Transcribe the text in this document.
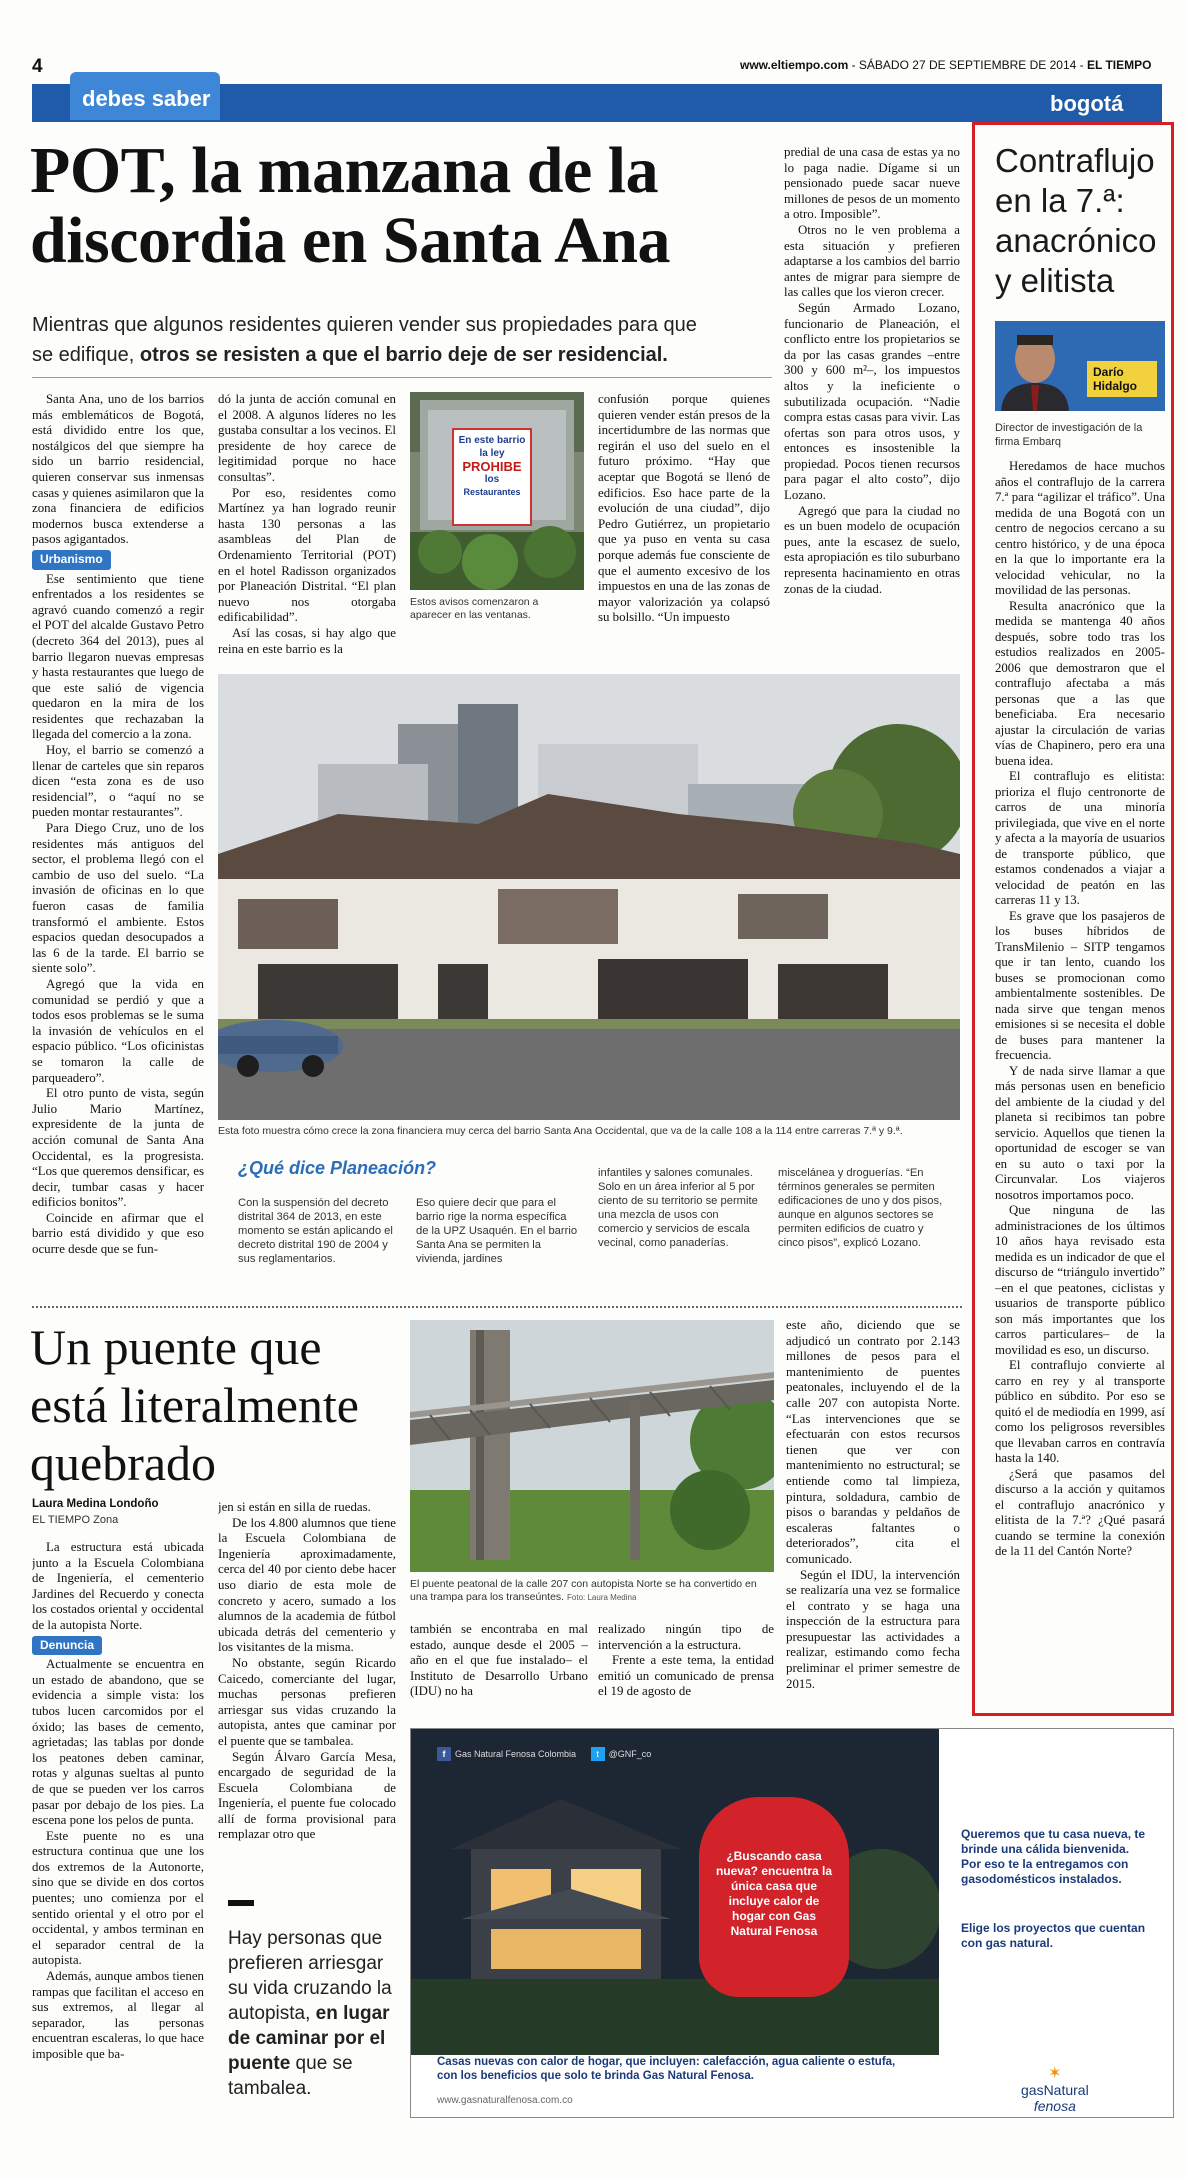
4	www.eltiempo.com - SÁBADO 27 DE SEPTIEMBRE DE 2014 - EL TIEMPO
debes saber	bogotá
POT, la manzana de la discordia en Santa Ana
Mientras que algunos residentes quieren vender sus propiedades para que
se edifique, otros se resisten a que el barrio deje de ser residencial.

Santa Ana, uno de los barrios más emblemáticos de Bogotá, está dividido entre los que, nostálgicos del que siempre ha sido un barrio residencial, quieren conservar sus inmensas casas y quienes asimilaron que la zona financiera de edificios modernos busca extenderse a pasos agigantados.

Urbanismo

Ese sentimiento que tiene enfrentados a los residentes se agravó cuando comenzó a regir el POT del alcalde Gustavo Petro (decreto 364 del 2013), pues al barrio llegaron nuevas empresas y hasta restaurantes que luego de que este salió de vigencia quedaron en la mira de los residentes que rechazaban la llegada del comercio a la zona.

Hoy, el barrio se comenzó a llenar de carteles que sin reparos dicen “esta zona es de uso residencial”, o “aquí no se pueden montar restaurantes”.

Para Diego Cruz, uno de los residentes más antiguos del sector, el problema llegó con el cambio de uso del suelo. “La invasión de oficinas en lo que fueron casas de familia transformó el ambiente. Estos espacios quedan desocupados a las 6 de la tarde. El barrio se siente solo”.

Agregó que la vida en comunidad se perdió y que a todos esos problemas se le suma la invasión de vehículos en el espacio público. “Los oficinistas se tomaron la calle de parqueadero”.

El otro punto de vista, según Julio Mario Martínez, expresidente de la junta de acción comunal de Santa Ana Occidental, es la progresista. “Los que queremos densificar, es decir, tumbar casas y hacer edificios bonitos”.

Coincide en afirmar que el barrio está dividido y que eso ocurre desde que se fun-

dó la junta de acción comunal en el 2008. A algunos líderes no les gustaba consultar a los vecinos. El presidente de hoy carece de legitimidad porque no hace consultas”.

Por eso, residentes como Martínez ya han logrado reunir hasta 130 personas a las asambleas del Plan de Ordenamiento Territorial (POT) en el hotel Radisson organizados por Planeación Distrital. “El plan nuevo nos otorgaba edificabilidad”.

Así las cosas, si hay algo que reina en este barrio es la

En este barrio
la ley
PROHIBE
los
Restaurantes
Estos avisos comenzaron a aparecer en las ventanas.

confusión porque quienes quieren vender están presos de la incertidumbre de las normas que regirán el uso del suelo en el futuro próximo. “Hay que aceptar que Bogotá se llenó de edificios. Eso hace parte de la evolución de una ciudad”, dijo Pedro Gutiérrez, un propietario que ya puso en venta su casa porque además fue consciente de que el aumento excesivo de los impuestos en una de las zonas de mayor valorización ya colapsó su bolsillo. “Un impuesto

predial de una casa de estas ya no lo paga nadie. Dígame si un pensionado puede sacar nueve millones de pesos de un momento a otro. Imposible”.

Otros no le ven problema a esta situación y prefieren adaptarse a los cambios del barrio antes de migrar para siempre de las calles que los vieron crecer.

Según Armado Lozano, funcionario de Planeación, el conflicto entre los propietarios se da por las casas grandes –entre 300 y 600 m²–, los impuestos altos y la ineficiente o subutilizada ocupación. “Nadie compra estas casas para vivir. Las ofertas son para otros usos, y entonces es insostenible la propiedad. Pocos tienen recursos para pagar el alto costo”, dijo Lozano.

Agregó que para la ciudad no es un buen modelo de ocupación pues, ante la escasez de suelo, esta apropiación es tilo suburbano representa hacinamiento en otras zonas de la ciudad.

Esta foto muestra cómo crece la zona financiera muy cerca del barrio Santa Ana Occidental, que va de la calle 108 a la 114 entre carreras 7.ª y 9.ª.
¿Qué dice Planeación?
Con la suspensión del decreto distrital 364 de 2013, en este momento se están aplicando el decreto distrital 190 de 2004 y sus reglamentarios.
Eso quiere decir que para el barrio rige la norma específica de la UPZ Usaquén. En el barrio Santa Ana se permiten la vivienda, jardines
infantiles y salones comunales. Solo en un área inferior al 5 por ciento de su territorio se permite una mezcla de usos con comercio y servicios de escala vecinal, como panaderías.
miscelánea y droguerías. “En términos generales se permiten edificaciones de uno y dos pisos, aunque en algunos sectores se permiten edificios de cuatro y cinco pisos”, explicó Lozano.
Un puente que está literalmente quebrado
Laura Medina Londoño
EL TIEMPO Zona

La estructura está ubicada junto a la Escuela Colombiana de Ingeniería, el cementerio Jardines del Recuerdo y conecta los costados oriental y occidental de la autopista Norte.

Denuncia

Actualmente se encuentra en un estado de abandono, que se evidencia a simple vista: los tubos lucen carcomidos por el óxido; las bases de cemento, agrietadas; las tablas por donde los peatones deben caminar, rotas y algunas sueltas al punto de que se pueden ver los carros pasar por debajo de los pies. La escena pone los pelos de punta.

Este puente no es una estructura continua que une los dos extremos de la Autonorte, sino que se divide en dos cortos puentes; uno comienza por el sentido oriental y el otro por el occidental, y ambos terminan en el separador central de la autopista.

Además, aunque ambos tienen rampas que facilitan el acceso en sus extremos, al llegar al separador, las personas encuentran escaleras, lo que hace imposible que ba-

jen si están en silla de ruedas.

De los 4.800 alumnos que tiene la Escuela Colombiana de Ingeniería aproximadamente, cerca del 40 por ciento debe hacer uso diario de esta mole de concreto y acero, sumado a los alumnos de la academia de fútbol ubicada detrás del cementerio y los visitantes de la misma.

No obstante, según Ricardo Caicedo, comerciante del lugar, muchas personas prefieren arriesgar sus vidas cruzando la autopista, antes que caminar por el puente que se tambalea.

Según Álvaro García Mesa, encargado de seguridad de la Escuela Colombiana de Ingeniería, el puente fue colocado allí de forma provisional para remplazar otro que

Hay personas que prefieren arriesgar su vida cruzando la autopista, en lugar de caminar por el puente que se tambalea.
El puente peatonal de la calle 207 con autopista Norte se ha convertido en una trampa para los transeúntes. Foto: Laura Medina

también se encontraba en mal estado, aunque desde el 2005 –año en el que fue instalado– el Instituto de Desarrollo Urbano (IDU) no ha

realizado ningún tipo de intervención a la estructura.

Frente a este tema, la entidad emitió un comunicado de prensa el 19 de agosto de

este año, diciendo que se adjudicó un contrato por 2.143 millones de pesos para el mantenimiento de puentes peatonales, incluyendo el de la calle 207 con autopista Norte. “Las intervenciones que se efectuarán con estos recursos tienen que ver con mantenimiento no estructural; se entiende como tal limpieza, pintura, soldadura, cambio de pisos o barandas y peldaños de escaleras faltantes o deteriorados”, cita el comunicado.

Según el IDU, la intervención se realizaría una vez se formalice el contrato y se haga una inspección de la estructura para presupuestar las actividades a realizar, estimando como fecha preliminar el primer semestre de 2015.

Contraflujo en la 7.ª: anacrónico y elitista
Darío Hidalgo
Director de investigación de la firma Embarq

Heredamos de hace muchos años el contraflujo de la carrera 7.ª para “agilizar el tráfico”. Una medida de una Bogotá con un centro de negocios cercano a su centro histórico, y de una época en la que lo importante era la velocidad vehicular, no la movilidad de las personas.

Resulta anacrónico que la medida se mantenga 40 años después, sobre todo tras los estudios realizados en 2005-2006 que demostraron que el contraflujo afectaba a más personas que a las que beneficiaba. Era necesario ajustar la circulación de varias vías de Chapinero, pero era una buena idea.

El contraflujo es elitista: prioriza el flujo centronorte de carros de una minoría privilegiada, que vive en el norte y afecta a la mayoría de usuarios de transporte público, que estamos condenados a viajar a velocidad de peatón en las carreras 11 y 13.

Es grave que los pasajeros de los buses híbridos de TransMilenio – SITP tengamos que ir tan lento, cuando los buses se promocionan como ambientalmente sostenibles. De nada sirve que tengan menos emisiones si se necesita el doble de buses para mantener la frecuencia.

Y de nada sirve llamar a que más personas usen en beneficio del ambiente de la ciudad y del planeta si recibimos tan pobre servicio. Aquellos que tienen la oportunidad de escoger se van en su auto o taxi por la Circunvalar. Los viajeros nosotros importamos poco.

Que ninguna de las administraciones de los últimos 10 años haya revisado esta medida es un indicador de que el discurso de “triángulo invertido” –en el que peatones, ciclistas y usuarios de transporte público son más importantes que los carros particulares– de la movilidad es eso, un discurso.

El contraflujo convierte al carro en rey y al transporte público en súbdito. Por eso se quitó el de mediodía en 1999, así como los peligrosos reversibles que llevaban carros en contravía hasta la 140.

¿Será que pasamos del discurso a la acción y quitamos el contraflujo anacrónico y elitista de la 7.ª? ¿Qué pasará cuando se termine la conexión de la 11 del Cantón Norte?

f Gas Natural Fenosa Colombia t @GNF_co
¿Buscando casa nueva? encuentra la única casa que incluye calor de hogar con Gas Natural Fenosa
Queremos que tu casa nueva, te brinde una cálida bienvenida. Por eso te la entregamos con gasodomésticos instalados.
Elige los proyectos que cuentan con gas natural.
Casas nuevas con calor de hogar, que incluyen: calefacción, agua caliente o estufa, con los beneficios que solo te brinda Gas Natural Fenosa.
www.gasnaturalfenosa.com.co
✶
gasNatural
fenosa
